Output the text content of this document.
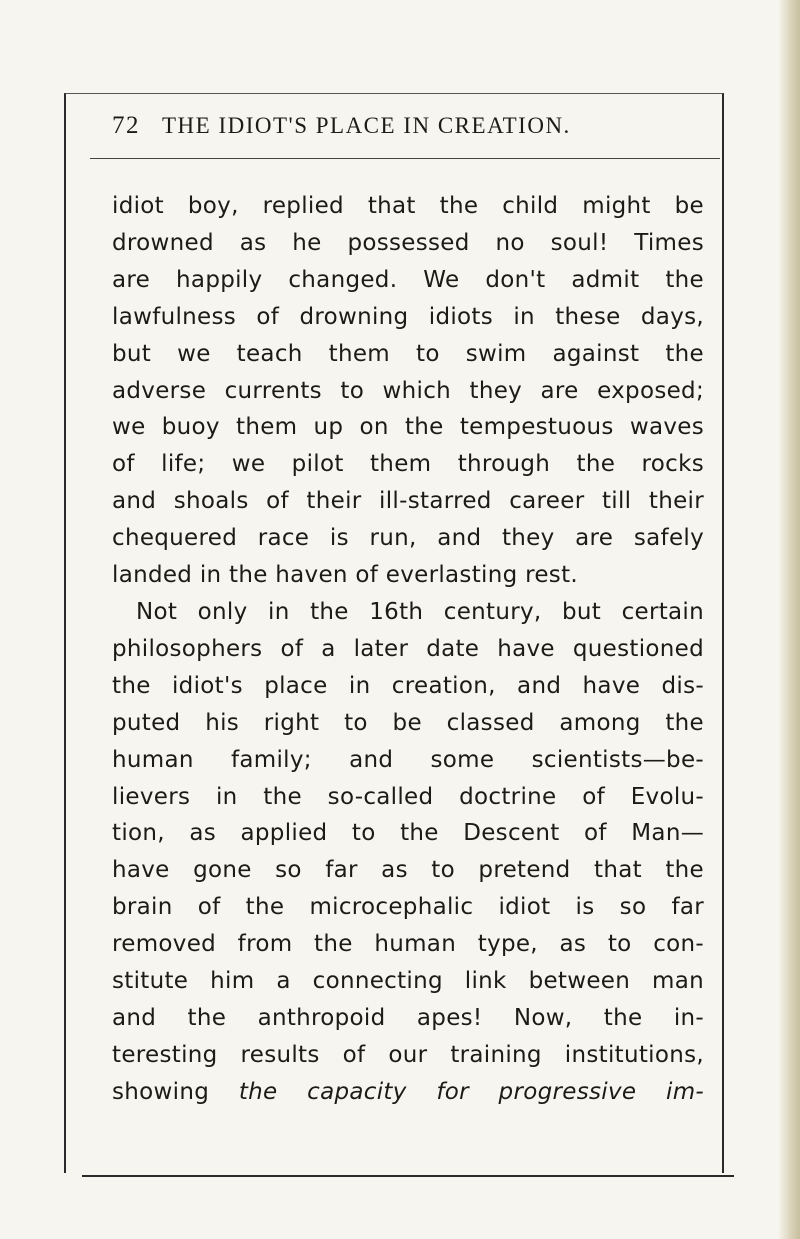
72 THE IDIOT'S PLACE IN CREATION.
idiot boy, replied that the child might be
drowned as he possessed no soul! Times
are happily changed. We don't admit the
lawfulness of drowning idiots in these days,
but we teach them to swim against the
adverse currents to which they are exposed;
we buoy them up on the tempestuous waves
of life; we pilot them through the rocks
and shoals of their ill-starred career till their
chequered race is run, and they are safely
landed in the haven of everlasting rest.
Not only in the 16th century, but certain
philosophers of a later date have questioned
the idiot's place in creation, and have dis-
puted his right to be classed among the
human family; and some scientists—be-
lievers in the so-called doctrine of Evolu-
tion, as applied to the Descent of Man—
have gone so far as to pretend that the
brain of the microcephalic idiot is so far
removed from the human type, as to con-
stitute him a connecting link between man
and the anthropoid apes! Now, the in-
teresting results of our training institutions,
showing the capacity for progressive im-
